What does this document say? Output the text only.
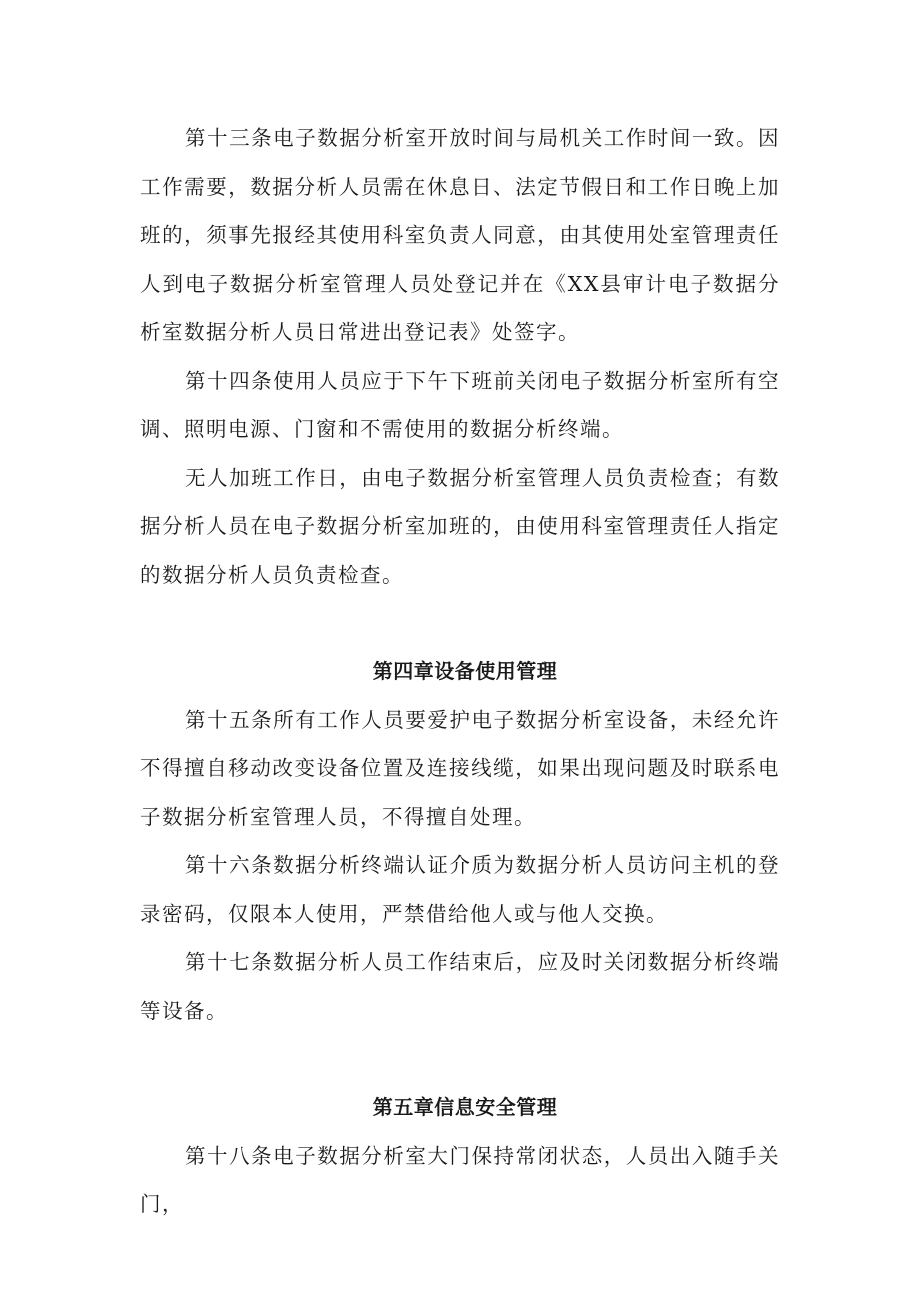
第十三条电子数据分析室开放时间与局机关工作时间一致。因工作需要，数据分析人员需在休息日、法定节假日和工作日晚上加班的，须事先报经其使用科室负责人同意，由其使用处室管理责任人到电子数据分析室管理人员处登记并在《XX县审计电子数据分析室数据分析人员日常进出登记表》处签字。

第十四条使用人员应于下午下班前关闭电子数据分析室所有空调、照明电源、门窗和不需使用的数据分析终端。

无人加班工作日，由电子数据分析室管理人员负责检查；有数据分析人员在电子数据分析室加班的，由使用科室管理责任人指定的数据分析人员负责检查。

第四章设备使用管理

第十五条所有工作人员要爱护电子数据分析室设备，未经允许不得擅自移动改变设备位置及连接线缆，如果出现问题及时联系电子数据分析室管理人员，不得擅自处理。

第十六条数据分析终端认证介质为数据分析人员访问主机的登录密码，仅限本人使用，严禁借给他人或与他人交换。

第十七条数据分析人员工作结束后，应及时关闭数据分析终端等设备。

第五章信息安全管理

第十八条电子数据分析室大门保持常闭状态，人员出入随手关门，
